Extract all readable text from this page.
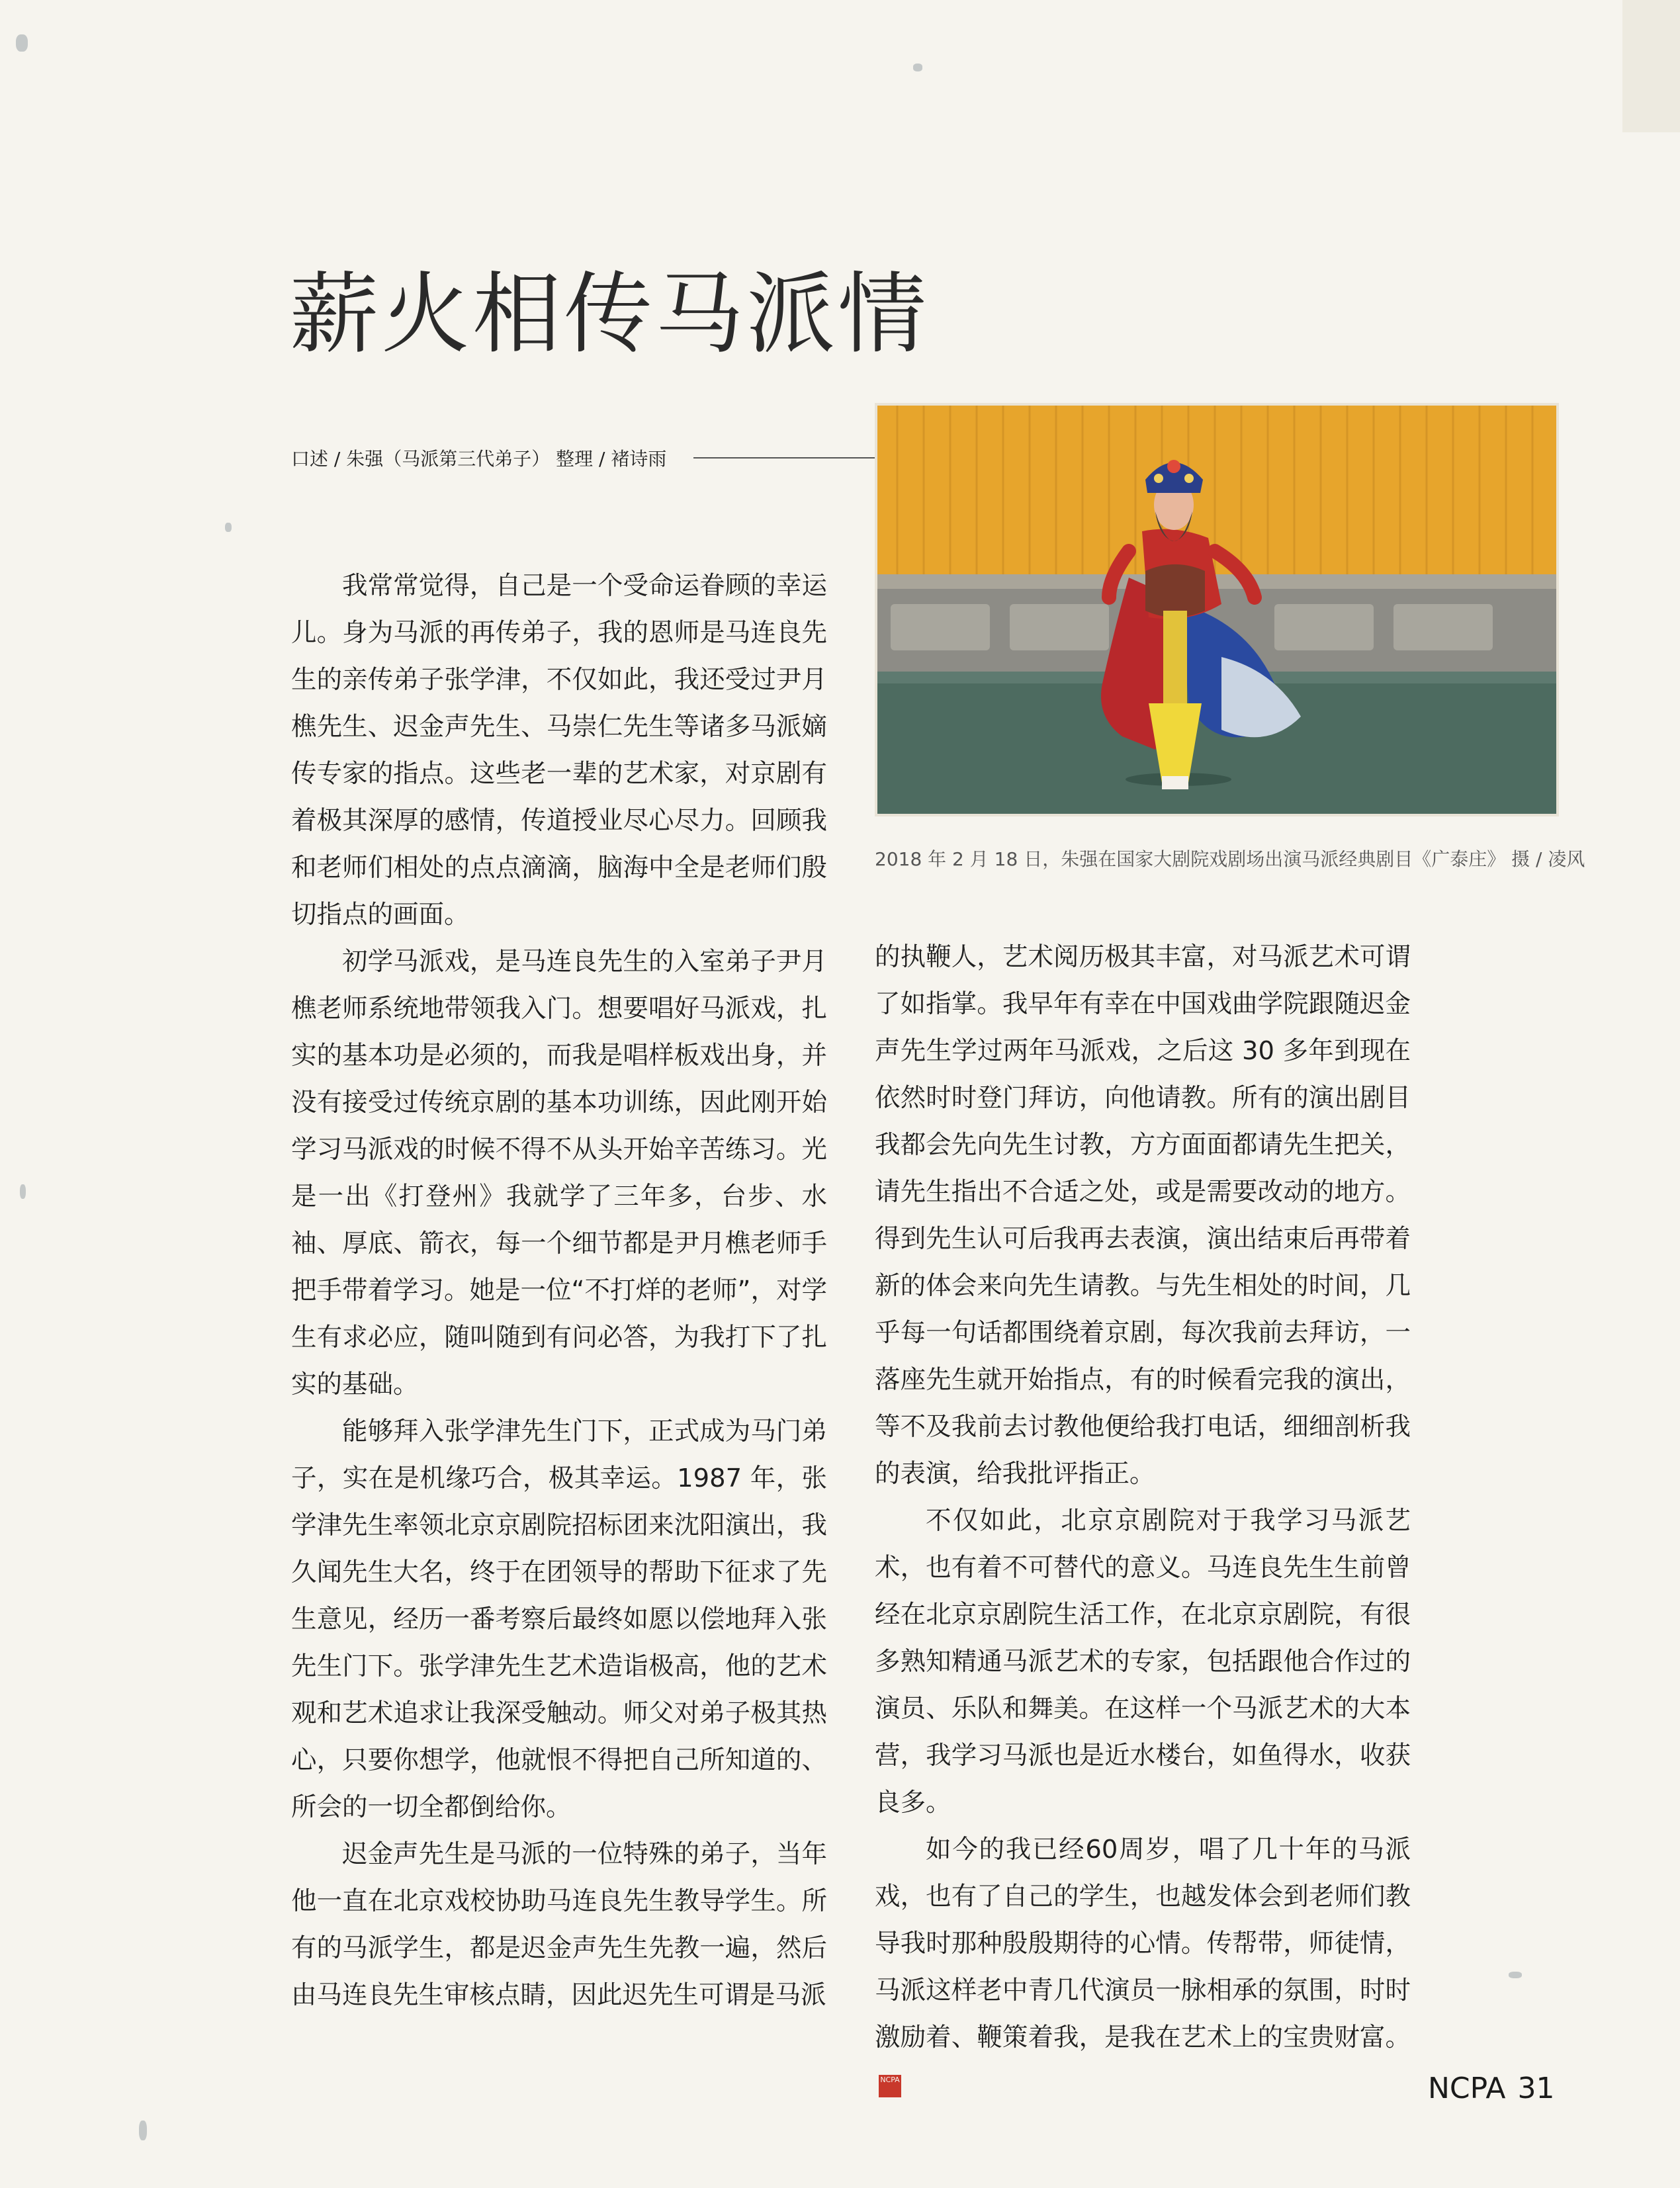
薪火相传马派情
口述 / 朱强（马派第三代弟子） 整理 / 褚诗雨
2018 年 2 月 18 日，朱强在国家大剧院戏剧场出演马派经典剧目《广泰庄》 摄 / 凌风

我常常觉得，自己是一个受命运眷顾的幸运儿。身为马派的再传弟子，我的恩师是马连良先生的亲传弟子张学津，不仅如此，我还受过尹月樵先生、迟金声先生、马崇仁先生等诸多马派嫡传专家的指点。这些老一辈的艺术家，对京剧有着极其深厚的感情，传道授业尽心尽力。回顾我和老师们相处的点点滴滴，脑海中全是老师们殷切指点的画面。

初学马派戏，是马连良先生的入室弟子尹月樵老师系统地带领我入门。想要唱好马派戏，扎实的基本功是必须的，而我是唱样板戏出身，并没有接受过传统京剧的基本功训练，因此刚开始学习马派戏的时候不得不从头开始辛苦练习。光是一出《打登州》我就学了三年多，台步、水袖、厚底、箭衣，每一个细节都是尹月樵老师手把手带着学习。她是一位“不打烊的老师”，对学生有求必应，随叫随到有问必答，为我打下了扎实的基础。

能够拜入张学津先生门下，正式成为马门弟子，实在是机缘巧合，极其幸运。1987 年，张学津先生率领北京京剧院招标团来沈阳演出，我久闻先生大名，终于在团领导的帮助下征求了先生意见，经历一番考察后最终如愿以偿地拜入张先生门下。张学津先生艺术造诣极高，他的艺术观和艺术追求让我深受触动。师父对弟子极其热心，只要你想学，他就恨不得把自己所知道的、所会的一切全都倒给你。

迟金声先生是马派的一位特殊的弟子，当年他一直在北京戏校协助马连良先生教导学生。所有的马派学生，都是迟金声先生先教一遍，然后由马连良先生审核点睛，因此迟先生可谓是马派

的执鞭人，艺术阅历极其丰富，对马派艺术可谓了如指掌。我早年有幸在中国戏曲学院跟随迟金声先生学过两年马派戏，之后这 30 多年到现在依然时时登门拜访，向他请教。所有的演出剧目我都会先向先生讨教，方方面面都请先生把关，请先生指出不合适之处，或是需要改动的地方。得到先生认可后我再去表演，演出结束后再带着新的体会来向先生请教。与先生相处的时间，几乎每一句话都围绕着京剧，每次我前去拜访，一落座先生就开始指点，有的时候看完我的演出，等不及我前去讨教他便给我打电话，细细剖析我的表演，给我批评指正。

不仅如此，北京京剧院对于我学习马派艺术，也有着不可替代的意义。马连良先生生前曾经在北京京剧院生活工作，在北京京剧院，有很多熟知精通马派艺术的专家，包括跟他合作过的演员、乐队和舞美。在这样一个马派艺术的大本营，我学习马派也是近水楼台，如鱼得水，收获良多。

如今的我已经60周岁，唱了几十年的马派戏，也有了自己的学生，也越发体会到老师们教导我时那种殷殷期待的心情。传帮带，师徒情，马派这样老中青几代演员一脉相承的氛围，时时激励着、鞭策着我，是我在艺术上的宝贵财富。NCPA	NCPA 31
